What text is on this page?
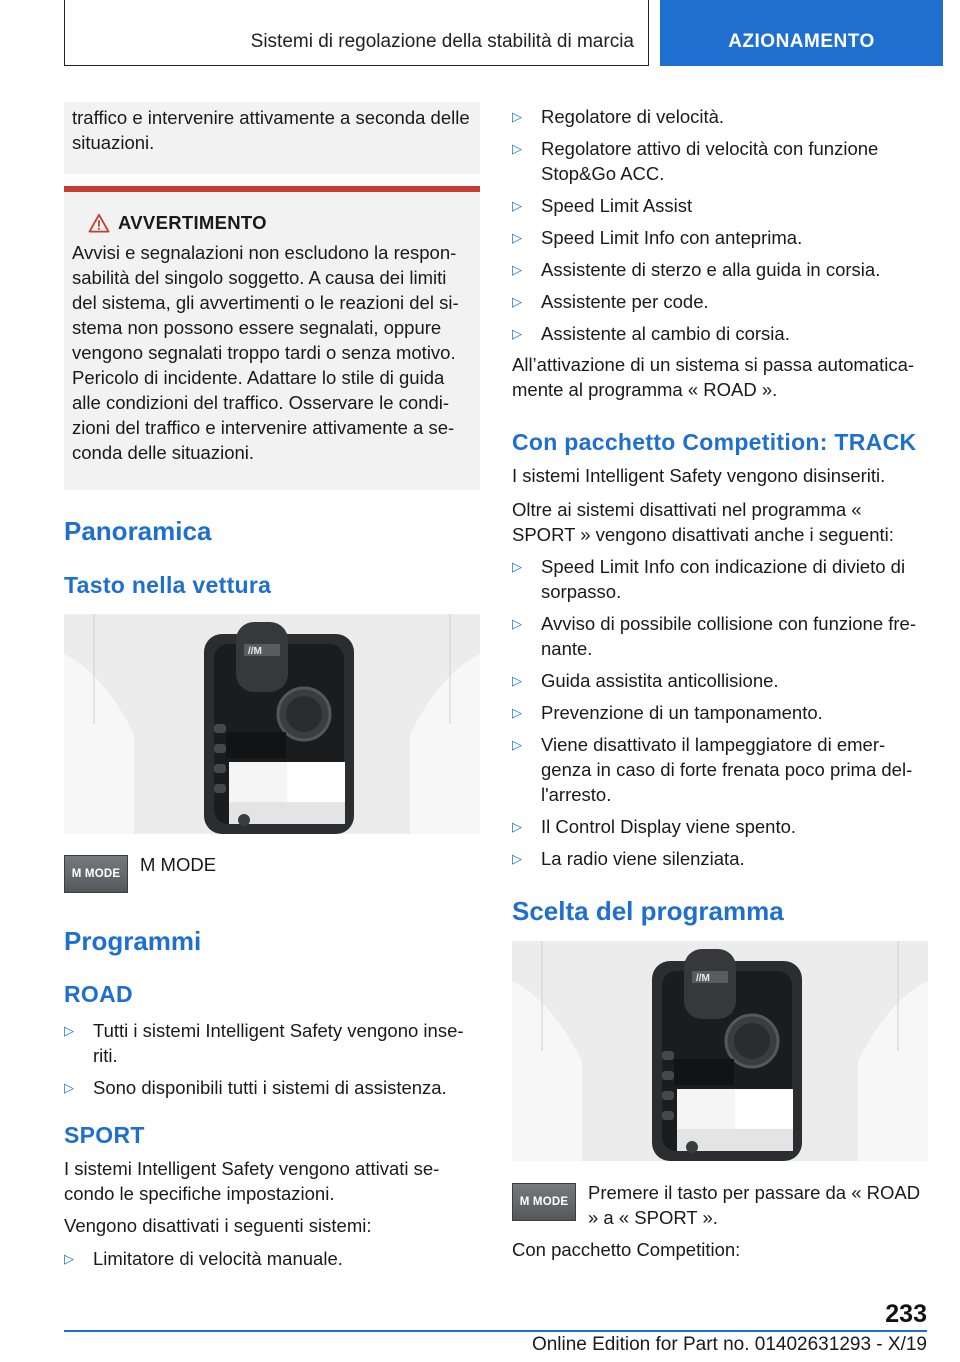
Sistemi di regolazione della stabilità di marcia	AZIONAMENTO

traffico e intervenire attivamente a seconda delle situazioni.

AVVERTIMENTO

Avvisi e segnalazioni non escludono la respon-sabilità del singolo soggetto. A causa dei limiti del sistema, gli avvertimenti o le reazioni del si-stema non possono essere segnalati, oppure vengono segnalati troppo tardi o senza motivo. Pericolo di incidente. Adattare lo stile di guida alle condizioni del traffico. Osservare le condi-zioni del traffico e intervenire attivamente a se-conda delle situazioni.

Panoramica
Tasto nella vettura
//M
M MODE M MODE

Programmi
ROAD
▷ Tutti i sistemi Intelligent Safety vengono inse-riti.
▷ Sono disponibili tutti i sistemi di assistenza.
SPORT

I sistemi Intelligent Safety vengono attivati se-condo le specifiche impostazioni.

Vengono disattivati i seguenti sistemi:

▷ Limitatore di velocità manuale.
▷ Regolatore di velocità.
▷ Regolatore attivo di velocità con funzione Stop&Go ACC.
▷ Speed Limit Assist
▷ Speed Limit Info con anteprima.
▷ Assistente di sterzo e alla guida in corsia.
▷ Assistente per code.
▷ Assistente al cambio di corsia.

All’attivazione di un sistema si passa automatica-mente al programma « ROAD ».

Con pacchetto Competition: TRACK

I sistemi Intelligent Safety vengono disinseriti.

Oltre ai sistemi disattivati nel programma « SPORT » vengono disattivati anche i seguenti:

▷ Speed Limit Info con indicazione di divieto di sorpasso.
▷ Avviso di possibile collisione con funzione fre-nante.
▷ Guida assistita anticollisione.
▷ Prevenzione di un tamponamento.
▷ Viene disattivato il lampeggiatore di emer-genza in caso di forte frenata poco prima del-l'arresto.
▷ Il Control Display viene spento.
▷ La radio viene silenziata.
Scelta del programma
//M
M MODE Premere il tasto per passare da « ROAD » a « SPORT ».

Con pacchetto Competition:

233
Online Edition for Part no. 01402631293 - X/19
